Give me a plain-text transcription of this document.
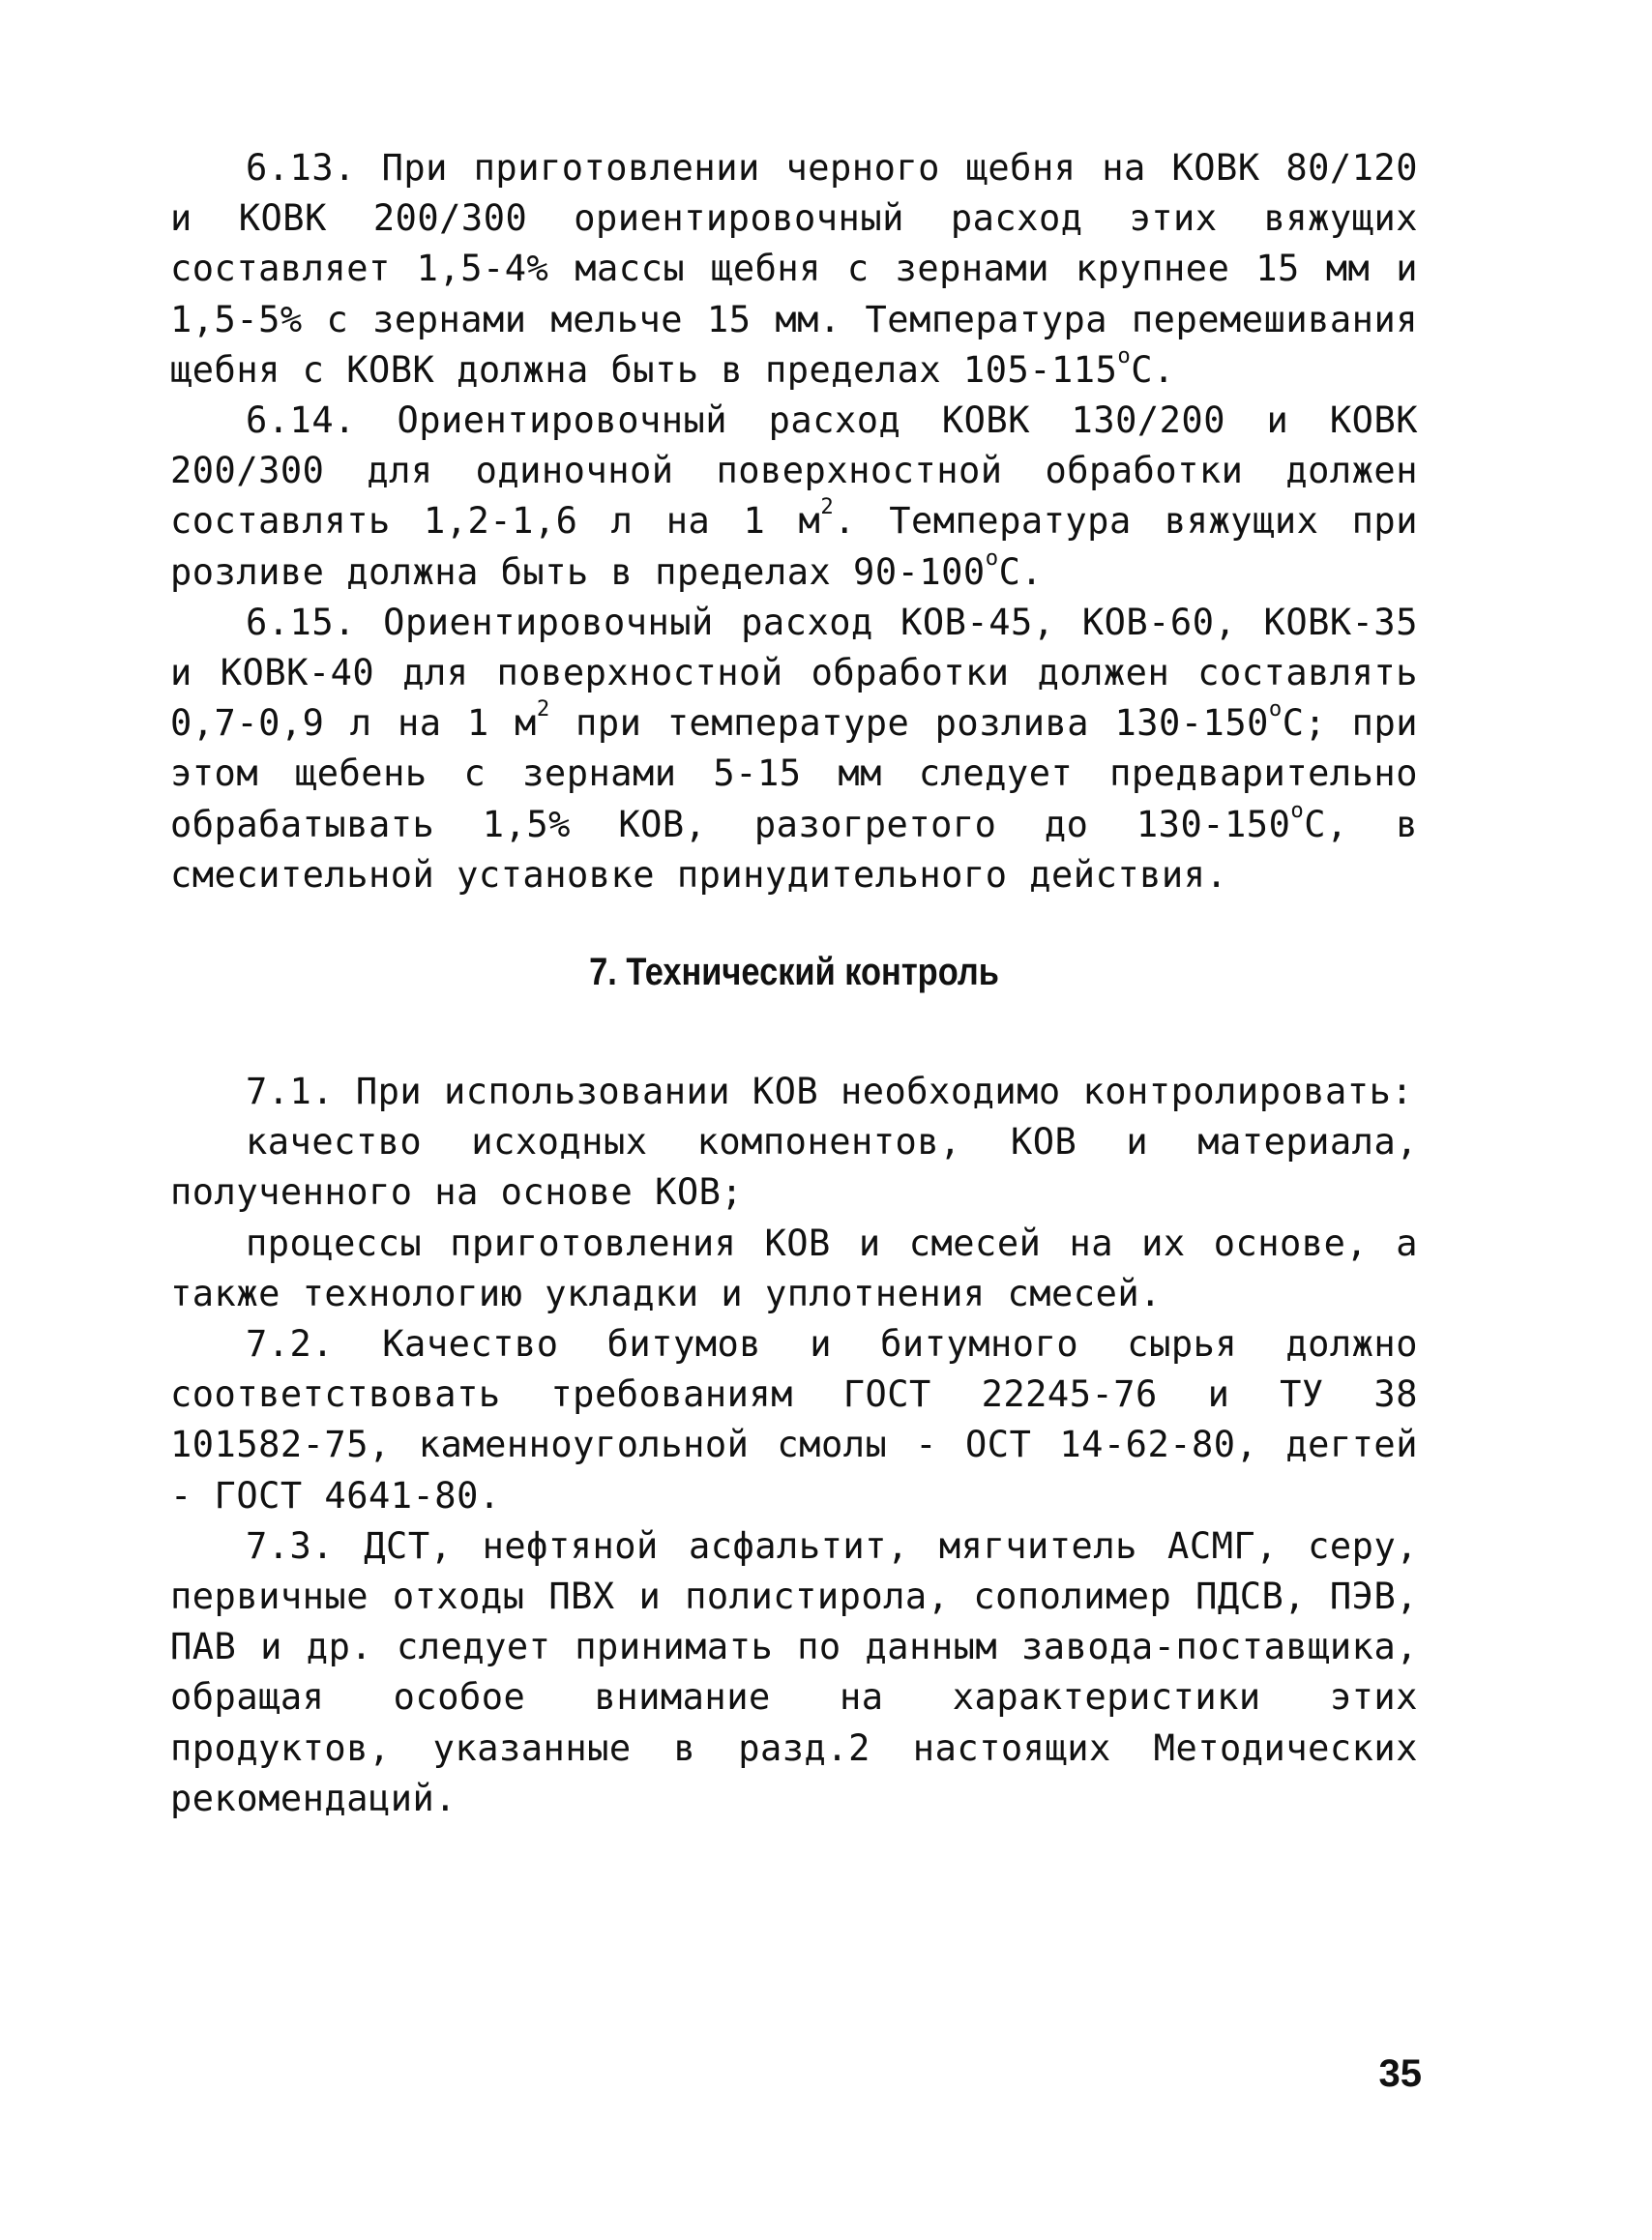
6.13. При приготовлении черного щебня на КОВК 80/120 и КОВК 200/300 ориентировочный расход этих вяжущих составляет 1,5-4% массы щебня с зернами крупнее 15 мм и 1,5-5% с зернами мельче 15 мм. Температура перемешивания щебня с КОВК должна быть в пределах $105-115^оС$.

6.14. Ориентировочный расход КОВК 130/200 и КОВК 200/300 для одиночной поверхностной обработки должен составлять 1,2-1,6 л на 1 $м^2$. Температура вяжущих при розливе должна быть в пределах $90-100^оС$.

6.15. Ориентировочный расход КОВ-45, КОВ-60, КОВК-35 и КОВК-40 для поверхностной обработки должен составлять 0,7-0,9 л на 1 $м^2$ при температуре розлива $130-150^оС$; при этом щебень с зернами 5-15 мм следует предварительно обрабатывать 1,5% КОВ, разогретого до $130-150^оС$, в смесительной установке принудительного действия.

7. Технический контроль

7.1. При использовании КОВ необходимо контролировать:

качество исходных компонентов, КОВ и материала, полученного на основе КОВ;

процессы приготовления КОВ и смесей на их основе, а также технологию укладки и уплотнения смесей.

7.2. Качество битумов и битумного сырья должно соответствовать требованиям ГОСТ 22245-76 и ТУ 38 101582-75, каменноугольной смолы - ОСТ 14-62-80, дегтей - ГОСТ 4641-80.

7.3. ДСТ, нефтяной асфальтит, мягчитель АСМГ, серу, первичные отходы ПВХ и полистирола, сополимер ПДСВ, ПЭВ, ПАВ и др. следует принимать по данным завода-поставщика, обращая особое внимание на характеристики этих продуктов, указанные в разд.2 настоящих Методических рекомендаций.

35
